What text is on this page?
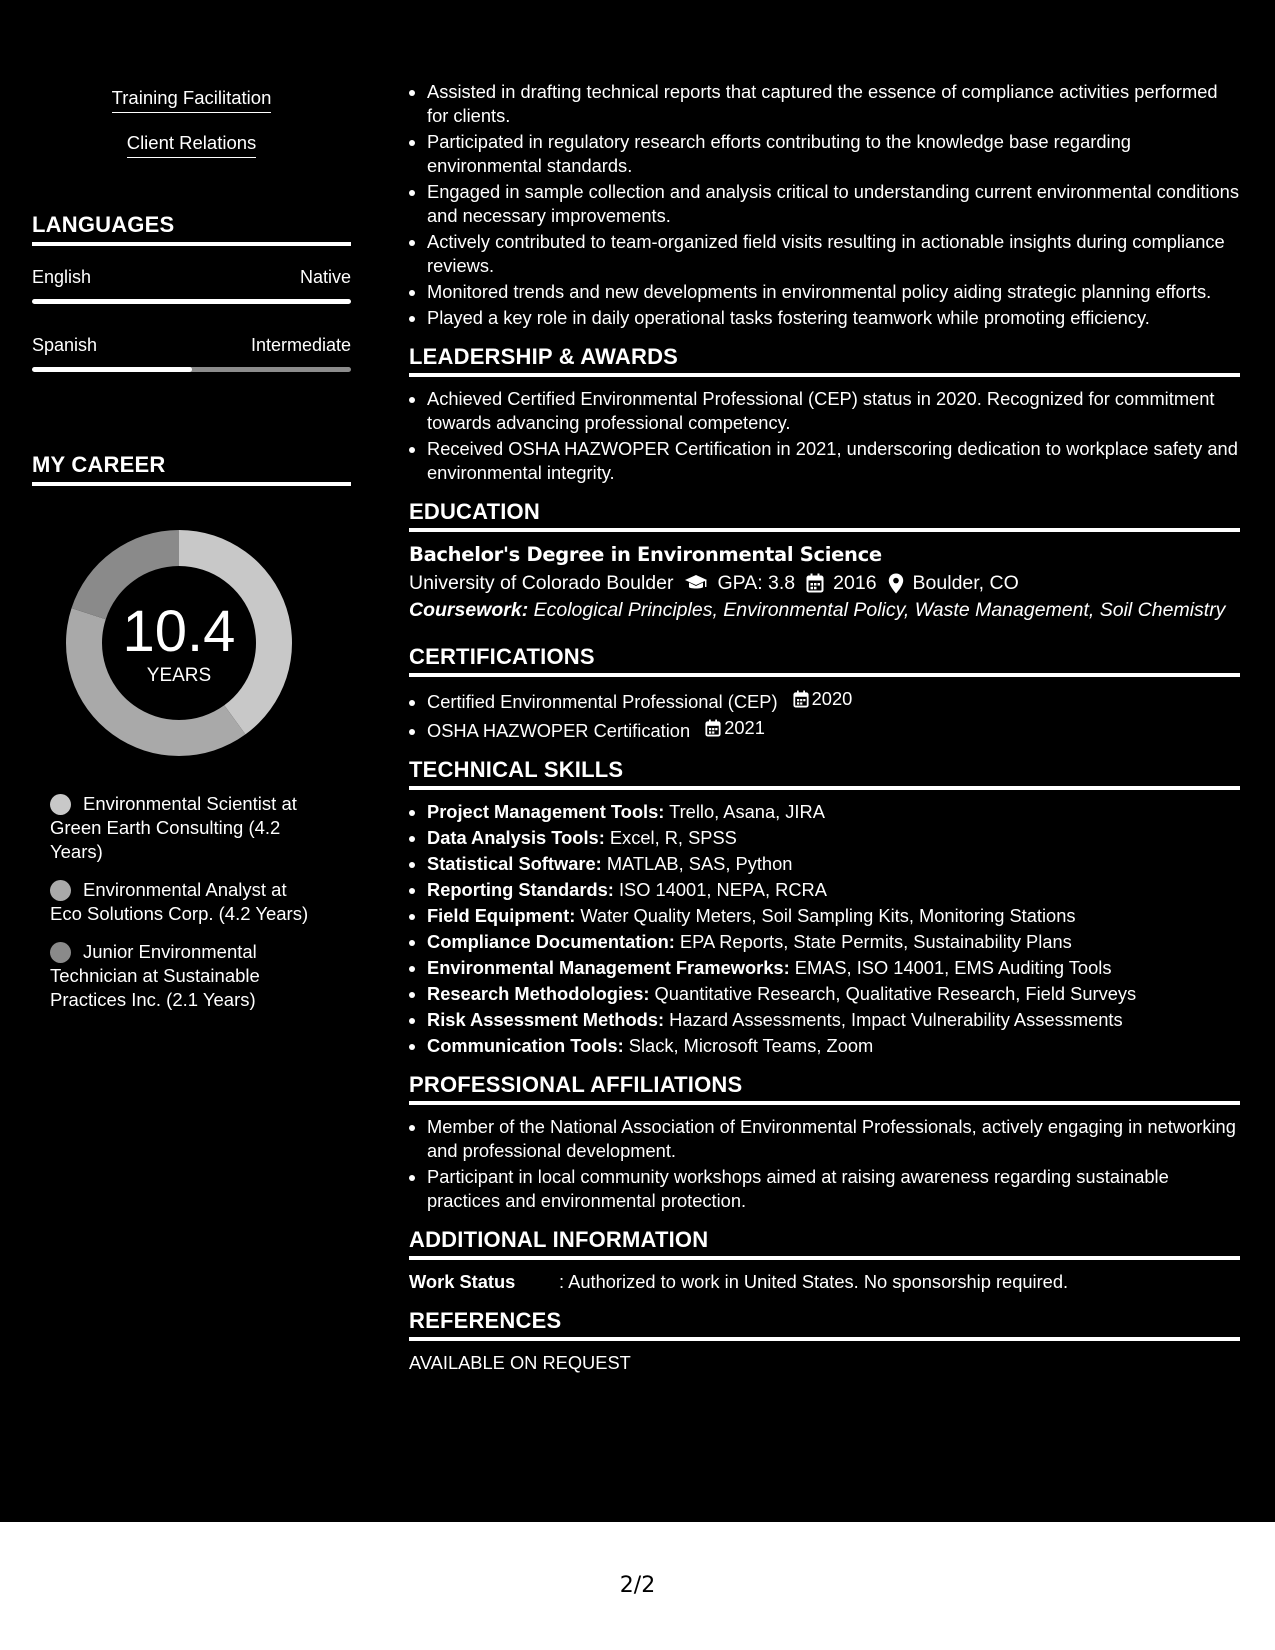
Training Facilitation
Client Relations
LANGUAGES
English	Native
Spanish	Intermediate
MY CAREER
10.4
YEARS
Environmental Scientist at Green Earth Consulting (4.2 Years)
Environmental Analyst at Eco Solutions Corp. (4.2 Years)
Junior Environmental Technician at Sustainable Practices Inc. (2.1 Years)
• Assisted in drafting technical reports that captured the essence of compliance activities performed for clients.
• Participated in regulatory research efforts contributing to the knowledge base regarding environmental standards.
• Engaged in sample collection and analysis critical to understanding current environmental conditions and necessary improvements.
• Actively contributed to team-organized field visits resulting in actionable insights during compliance reviews.
• Monitored trends and new developments in environmental policy aiding strategic planning efforts.
• Played a key role in daily operational tasks fostering teamwork while promoting efficiency.
LEADERSHIP & AWARDS
• Achieved Certified Environmental Professional (CEP) status in 2020. Recognized for commitment towards advancing professional competency.
• Received OSHA HAZWOPER Certification in 2021, underscoring dedication to workplace safety and environmental integrity.
EDUCATION
Bachelor's Degree in Environmental Science
University of Colorado Boulder GPA: 3.8 2016 Boulder, CO
Coursework: Ecological Principles, Environmental Policy, Waste Management, Soil Chemistry
CERTIFICATIONS
• Certified Environmental Professional (CEP) 2020
• OSHA HAZWOPER Certification 2021
TECHNICAL SKILLS
• Project Management Tools: Trello, Asana, JIRA
• Data Analysis Tools: Excel, R, SPSS
• Statistical Software: MATLAB, SAS, Python
• Reporting Standards: ISO 14001, NEPA, RCRA
• Field Equipment: Water Quality Meters, Soil Sampling Kits, Monitoring Stations
• Compliance Documentation: EPA Reports, State Permits, Sustainability Plans
• Environmental Management Frameworks: EMAS, ISO 14001, EMS Auditing Tools
• Research Methodologies: Quantitative Research, Qualitative Research, Field Surveys
• Risk Assessment Methods: Hazard Assessments, Impact Vulnerability Assessments
• Communication Tools: Slack, Microsoft Teams, Zoom
PROFESSIONAL AFFILIATIONS
• Member of the National Association of Environmental Professionals, actively engaging in networking and professional development.
• Participant in local community workshops aimed at raising awareness regarding sustainable practices and environmental protection.
ADDITIONAL INFORMATION
Work Status	: Authorized to work in United States. No sponsorship required.
REFERENCES
AVAILABLE ON REQUEST
2/2
